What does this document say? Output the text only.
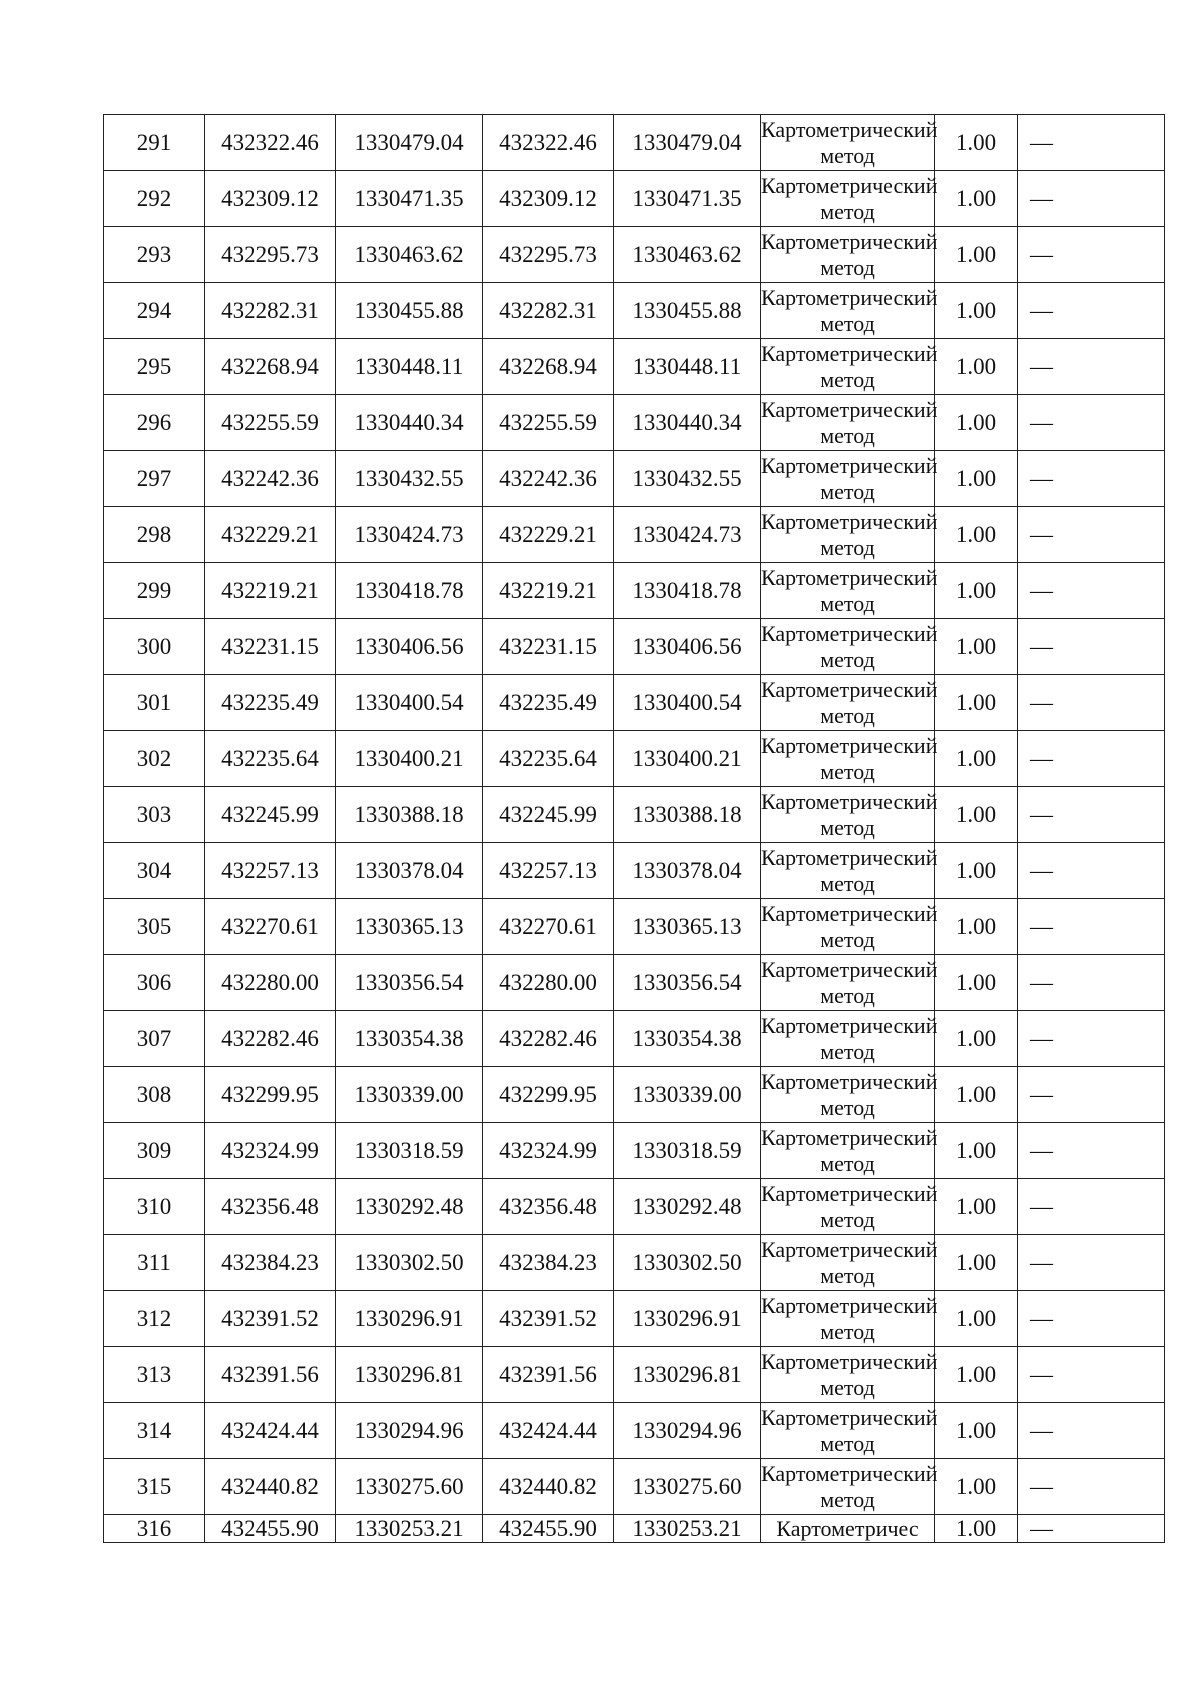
291	432322.46	1330479.04	432322.46	1330479.04	Картометрический метод	1.00	—
292	432309.12	1330471.35	432309.12	1330471.35	Картометрический метод	1.00	—
293	432295.73	1330463.62	432295.73	1330463.62	Картометрический метод	1.00	—
294	432282.31	1330455.88	432282.31	1330455.88	Картометрический метод	1.00	—
295	432268.94	1330448.11	432268.94	1330448.11	Картометрический метод	1.00	—
296	432255.59	1330440.34	432255.59	1330440.34	Картометрический метод	1.00	—
297	432242.36	1330432.55	432242.36	1330432.55	Картометрический метод	1.00	—
298	432229.21	1330424.73	432229.21	1330424.73	Картометрический метод	1.00	—
299	432219.21	1330418.78	432219.21	1330418.78	Картометрический метод	1.00	—
300	432231.15	1330406.56	432231.15	1330406.56	Картометрический метод	1.00	—
301	432235.49	1330400.54	432235.49	1330400.54	Картометрический метод	1.00	—
302	432235.64	1330400.21	432235.64	1330400.21	Картометрический метод	1.00	—
303	432245.99	1330388.18	432245.99	1330388.18	Картометрический метод	1.00	—
304	432257.13	1330378.04	432257.13	1330378.04	Картометрический метод	1.00	—
305	432270.61	1330365.13	432270.61	1330365.13	Картометрический метод	1.00	—
306	432280.00	1330356.54	432280.00	1330356.54	Картометрический метод	1.00	—
307	432282.46	1330354.38	432282.46	1330354.38	Картометрический метод	1.00	—
308	432299.95	1330339.00	432299.95	1330339.00	Картометрический метод	1.00	—
309	432324.99	1330318.59	432324.99	1330318.59	Картометрический метод	1.00	—
310	432356.48	1330292.48	432356.48	1330292.48	Картометрический метод	1.00	—
311	432384.23	1330302.50	432384.23	1330302.50	Картометрический метод	1.00	—
312	432391.52	1330296.91	432391.52	1330296.91	Картометрический метод	1.00	—
313	432391.56	1330296.81	432391.56	1330296.81	Картометрический метод	1.00	—
314	432424.44	1330294.96	432424.44	1330294.96	Картометрический метод	1.00	—
315	432440.82	1330275.60	432440.82	1330275.60	Картометрический метод	1.00	—
316	432455.90	1330253.21	432455.90	1330253.21	Картометричес	1.00	—
